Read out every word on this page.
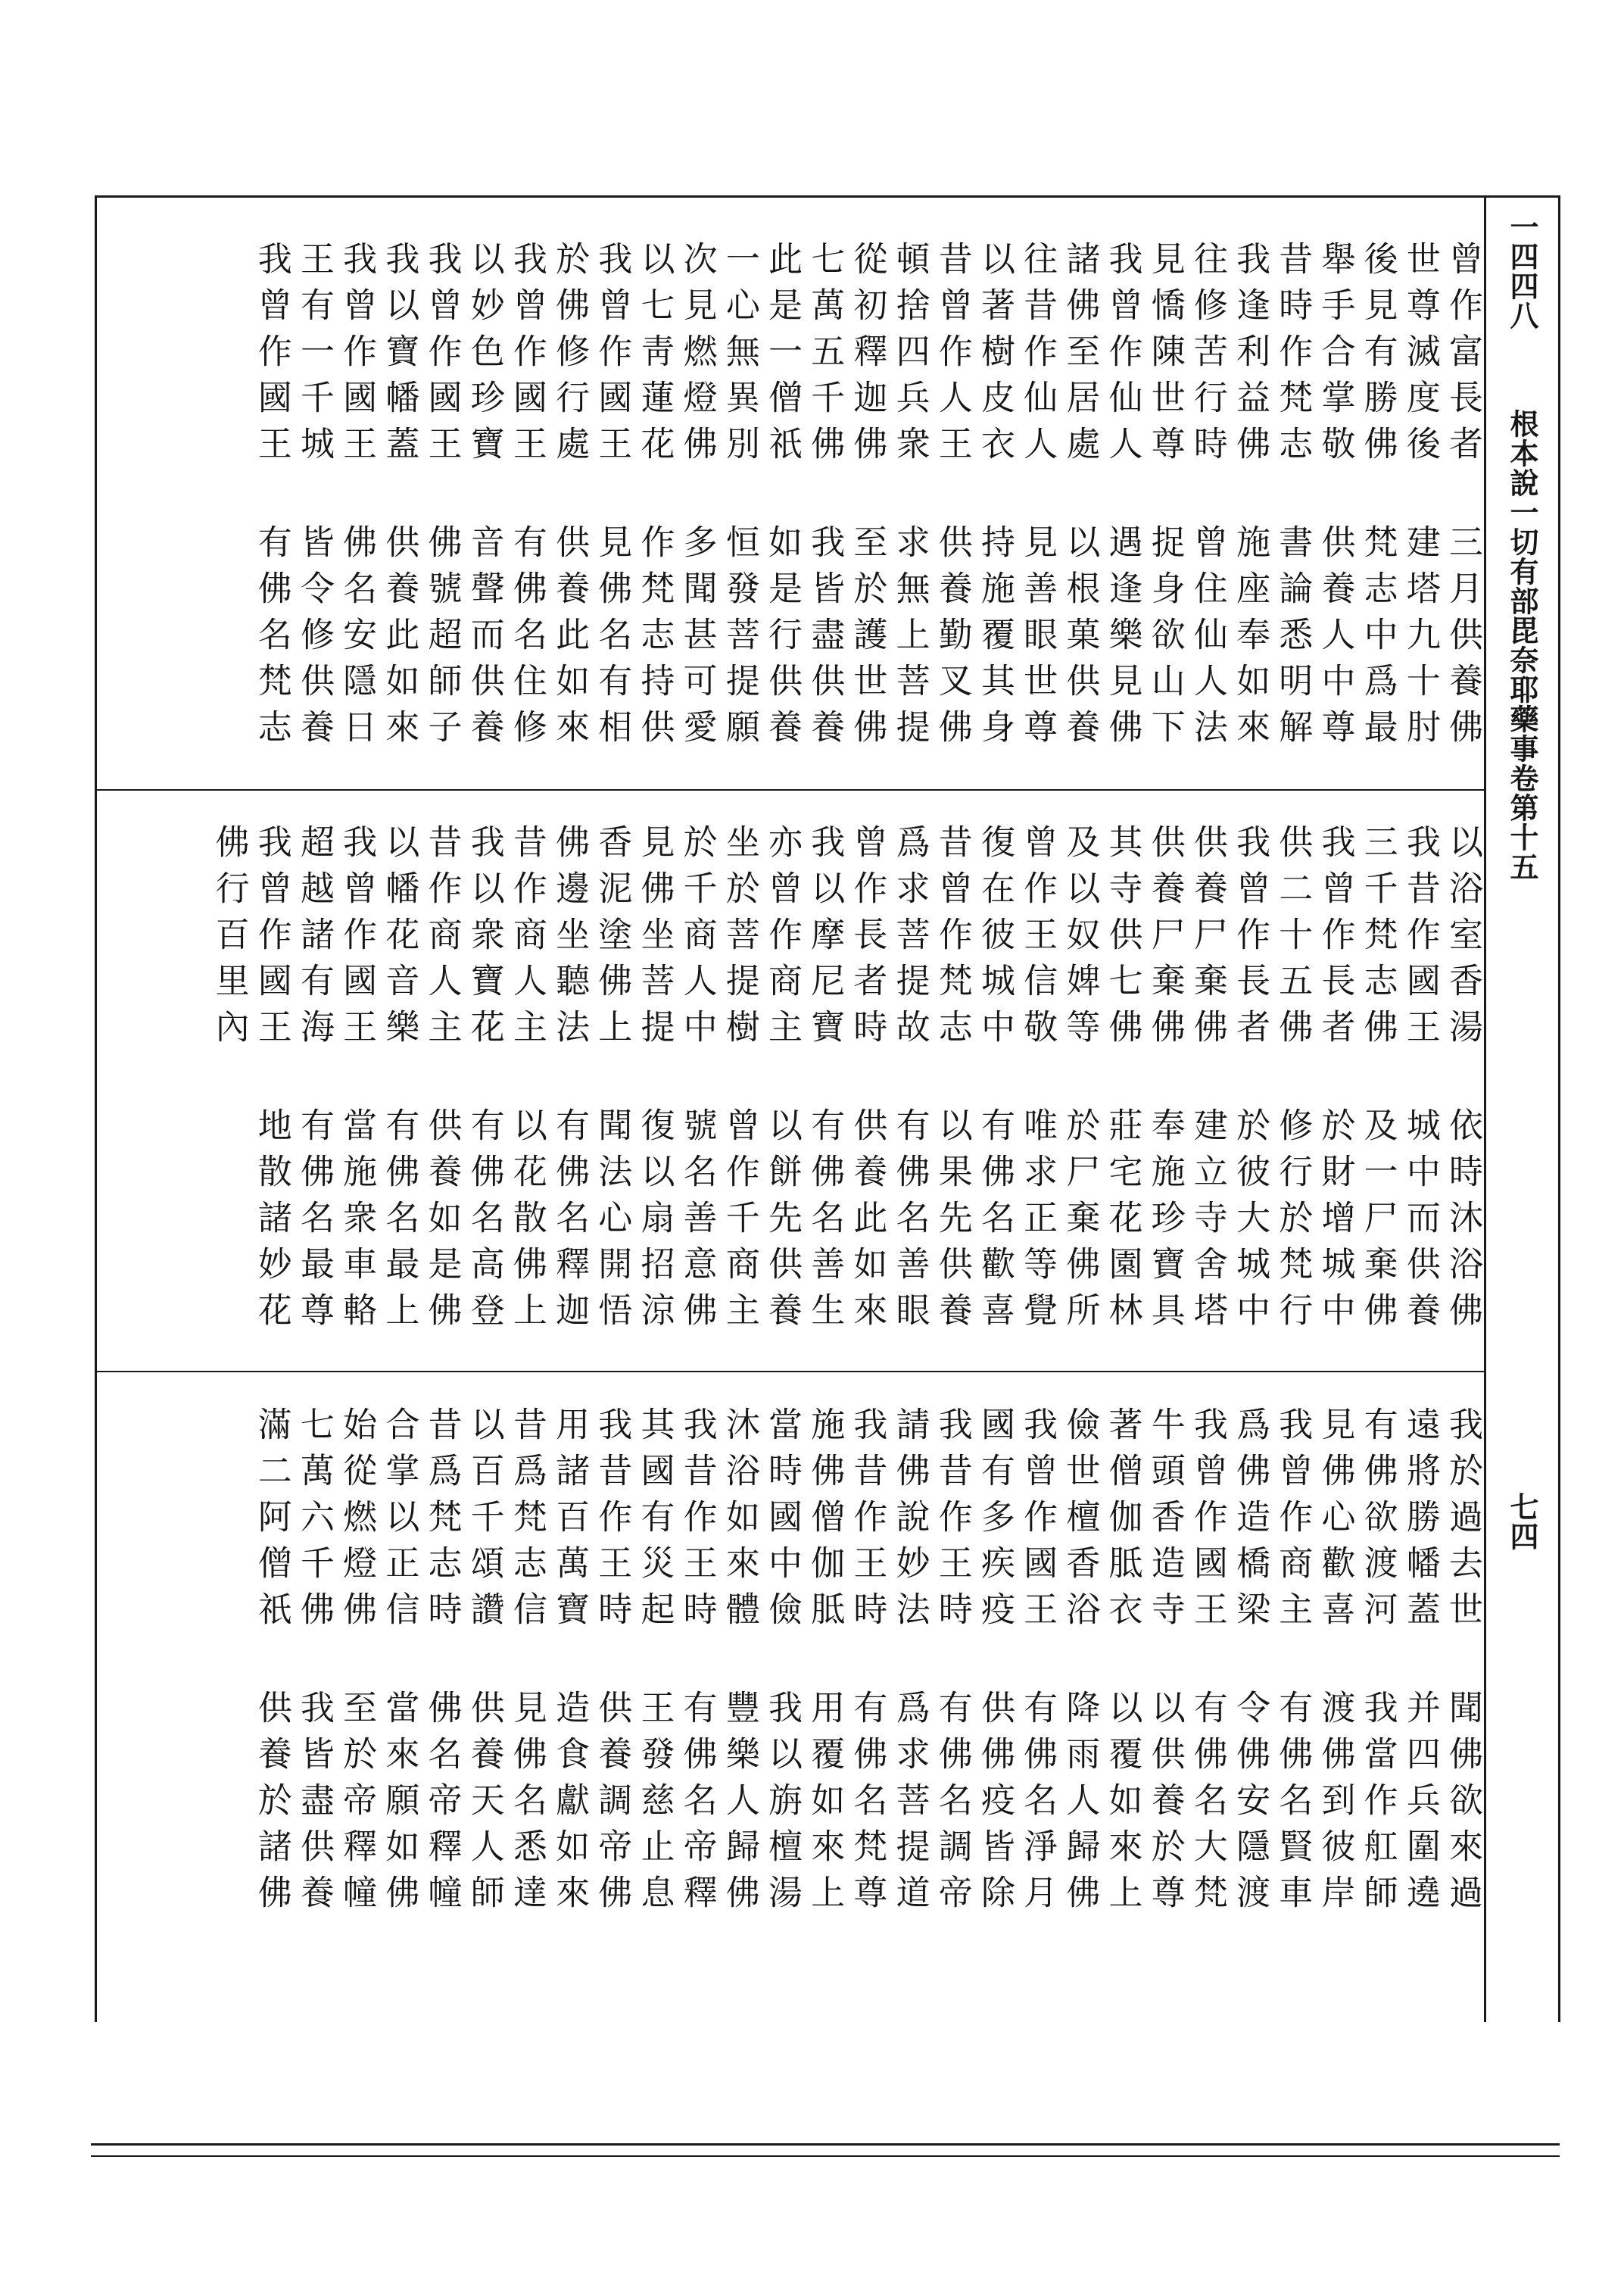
一四四八
根本說一切有部毘奈耶藥事卷第十五
七四
曾作富長者
三月供養佛
世尊滅度後
建塔九十肘
後見有勝佛
梵志中爲最
舉手合掌敬
供養人中尊
昔時作梵志
書論悉明解
我逢利益佛
施座奉如來
往修苦行時
曾住仙人法
見憍陳世尊
捉身欲山下
我曾作仙人
遇逢樂見佛
諸佛至居處
以根菓供養
往昔作仙人
見善眼世尊
以著樹皮衣
持施覆其身
昔曾作人王
供養勤叉佛
頓捨四兵衆
求無上菩提
從初釋迦佛
至於護世佛
七萬五千佛
我皆盡供養
此是一僧祇
如是行供養
一心無異別
恒發菩提願
次見燃燈佛
多聞甚可愛
以七靑蓮花
作梵志持供
我曾作國王
見佛名有相
於佛修行處
供養此如來
我曾作國王
有佛名住修
以妙色珍寶
音聲而供養
我曾作國王
佛號超師子
我以寶幡蓋
供養此如來
我曾作國王
佛名安隱日
王有一千城
皆令修供養
我曾作國王
有佛名梵志
以浴室香湯
依時沐浴佛
我昔作國王
城中而供養
三千梵志佛
及一尸棄佛
我曾作長者
於財增城中
供二十五佛
修行於梵行
我曾作長者
於彼大城中
供養尸棄佛
建立寺舍塔
供養尸棄佛
奉施珍寶具
其寺供七佛
莊宅花園林
及以奴婢等
於尸棄佛所
曾作王信敬
唯求正等覺
復在彼城中
有佛名歡喜
昔曾作梵志
以果先供養
爲求菩提故
有佛名善眼
曾作長者時
供養此如來
我以摩尼寶
有佛名善生
亦曾作商主
以餅先供養
坐於菩提樹
曾作千商主
於千商人中
號名善意佛
見佛坐菩提
復以扇招涼
香泥塗佛上
聞法心開悟
佛邊坐聽法
有佛名釋迦
昔作商人主
以花散佛上
我以衆寶花
有佛名高登
昔作商人主
供養如是佛
以幡花音樂
有佛名最上
我曾作國王
當施衆車輅
超越諸有海
有佛名最尊
我曾作國王
地散諸妙花
佛行百里內
我於過去世
聞佛欲來過
遠將勝幡蓋
并四兵圍遶
有佛欲渡河
我當作舡師
見佛心歡喜
渡佛到彼岸
我曾作商主
有佛名賢車
爲佛造橋梁
令佛安隱渡
我曾作國王
有佛名大梵
牛頭香造寺
以供養於尊
著僧伽胝衣
以覆如來上
儉世檀香浴
降雨人歸佛
我曾作國王
有佛名淨月
國有多疾疫
供佛疫皆除
我昔作王時
有佛名調帝
請佛說妙法
爲求菩提道
我昔作王時
有佛名梵尊
施佛僧伽胝
用覆如來上
當時國中儉
我以旃檀湯
沐浴如來體
豐樂人歸佛
我昔作王時
有佛名帝釋
其國有災起
王發慈止息
我昔作王時
供養調帝佛
用諸百萬寶
造食獻如來
昔爲梵志信
見佛名悉達
以百千頌讚
供養天人師
昔爲梵志時
佛名帝釋幢
合掌以正信
當來願如佛
始從燃燈佛
至於帝釋幢
七萬六千佛
我皆盡供養
滿二阿僧祇
供養於諸佛
